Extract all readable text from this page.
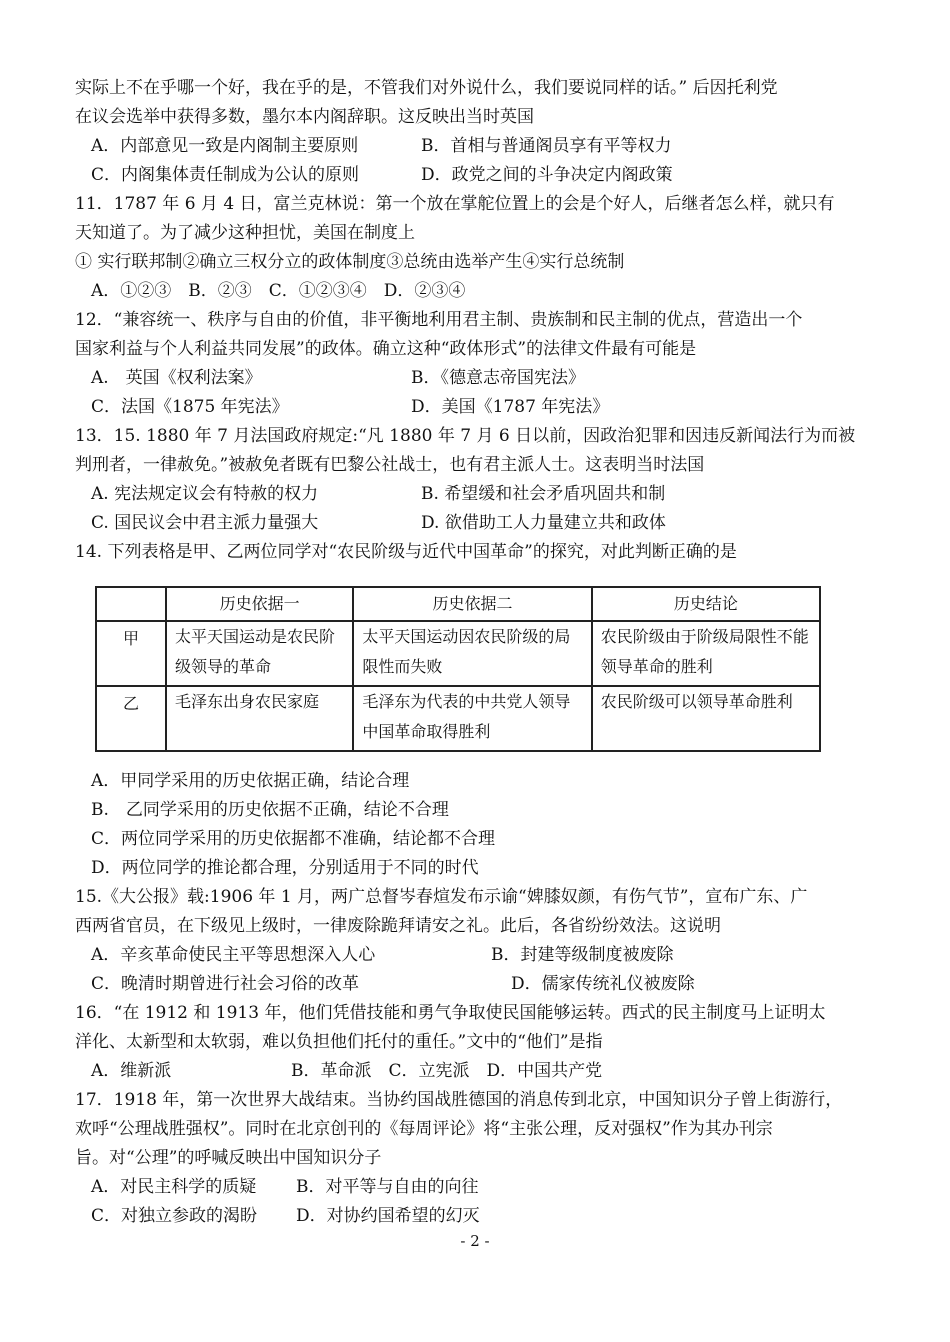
实际上不在乎哪一个好，我在乎的是，不管我们对外说什么，我们要说同样的话。” 后因托利党
在议会选举中获得多数，墨尔本内阁辞职。这反映出当时英国
A．内部意见一致是内阁制主要原则	B．首相与普通阁员享有平等权力
C．内阁集体责任制成为公认的原则	D．政党之间的斗争决定内阁政策
11．1787 年 6 月 4 日，富兰克林说：第一个放在掌舵位置上的会是个好人，后继者怎么样，就只有
天知道了。为了减少这种担忧，美国在制度上
① 实行联邦制②确立三权分立的政体制度③总统由选举产生④实行总统制
A．①②③　B．②③　C．①②③④　D．②③④
12．“兼容统一、秩序与自由的价值，非平衡地利用君主制、贵族制和民主制的优点，营造出一个
国家利益与个人利益共同发展”的政体。确立这种“政体形式”的法律文件最有可能是
A.　英国《权利法案》	B．《德意志帝国宪法》
C．法国《1875 年宪法》	D．美国《1787 年宪法》
13．15. 1880 年 7 月法国政府规定:“凡 1880 年 7 月 6 日以前，因政治犯罪和因违反新闻法行为而被
判刑者，一律赦免。”被赦免者既有巴黎公社战士，也有君主派人士。这表明当时法国
A. 宪法规定议会有特赦的权力	B. 希望缓和社会矛盾巩固共和制
C. 国民议会中君主派力量强大	D. 欲借助工人力量建立共和政体
14. 下列表格是甲、乙两位同学对“农民阶级与近代中国革命”的探究，对此判断正确的是
	历史依据一	历史依据二	历史结论
甲	太平天国运动是农民阶级领导的革命	太平天国运动因农民阶级的局限性而失败	农民阶级由于阶级局限性不能领导革命的胜利
乙	毛泽东出身农民家庭	毛泽东为代表的中共党人领导中国革命取得胜利	农民阶级可以领导革命胜利
A．甲同学采用的历史依据正确，结论合理
B.　乙同学采用的历史依据不正确，结论不合理
C．两位同学采用的历史依据都不准确，结论都不合理
D．两位同学的推论都合理，分别适用于不同的时代
15.《大公报》载:1906 年 1 月，两广总督岑春煊发布示谕“婢膝奴颜，有伤气节”，宣布广东、广
西两省官员，在下级见上级时，一律废除跪拜请安之礼。此后，各省纷纷效法。这说明
A．辛亥革命使民主平等思想深入人心	B．封建等级制度被废除
C．晚清时期曾进行社会习俗的改革	D．儒家传统礼仪被废除
16．“在 1912 和 1913 年，他们凭借技能和勇气争取使民国能够运转。西式的民主制度马上证明太
洋化、太新型和太软弱，难以负担他们托付的重任。”文中的“他们”是指
A．维新派	B．革命派　C．立宪派　D．中国共产党
17．1918 年，第一次世界大战结束。当协约国战胜德国的消息传到北京，中国知识分子曾上街游行，
欢呼“公理战胜强权”。同时在北京创刊的《每周评论》将“主张公理，反对强权”作为其办刊宗
旨。对“公理”的呼喊反映出中国知识分子
A．对民主科学的质疑 B．对平等与自由的向往
C．对独立参政的渴盼 D．对协约国希望的幻灭
- 2 -
